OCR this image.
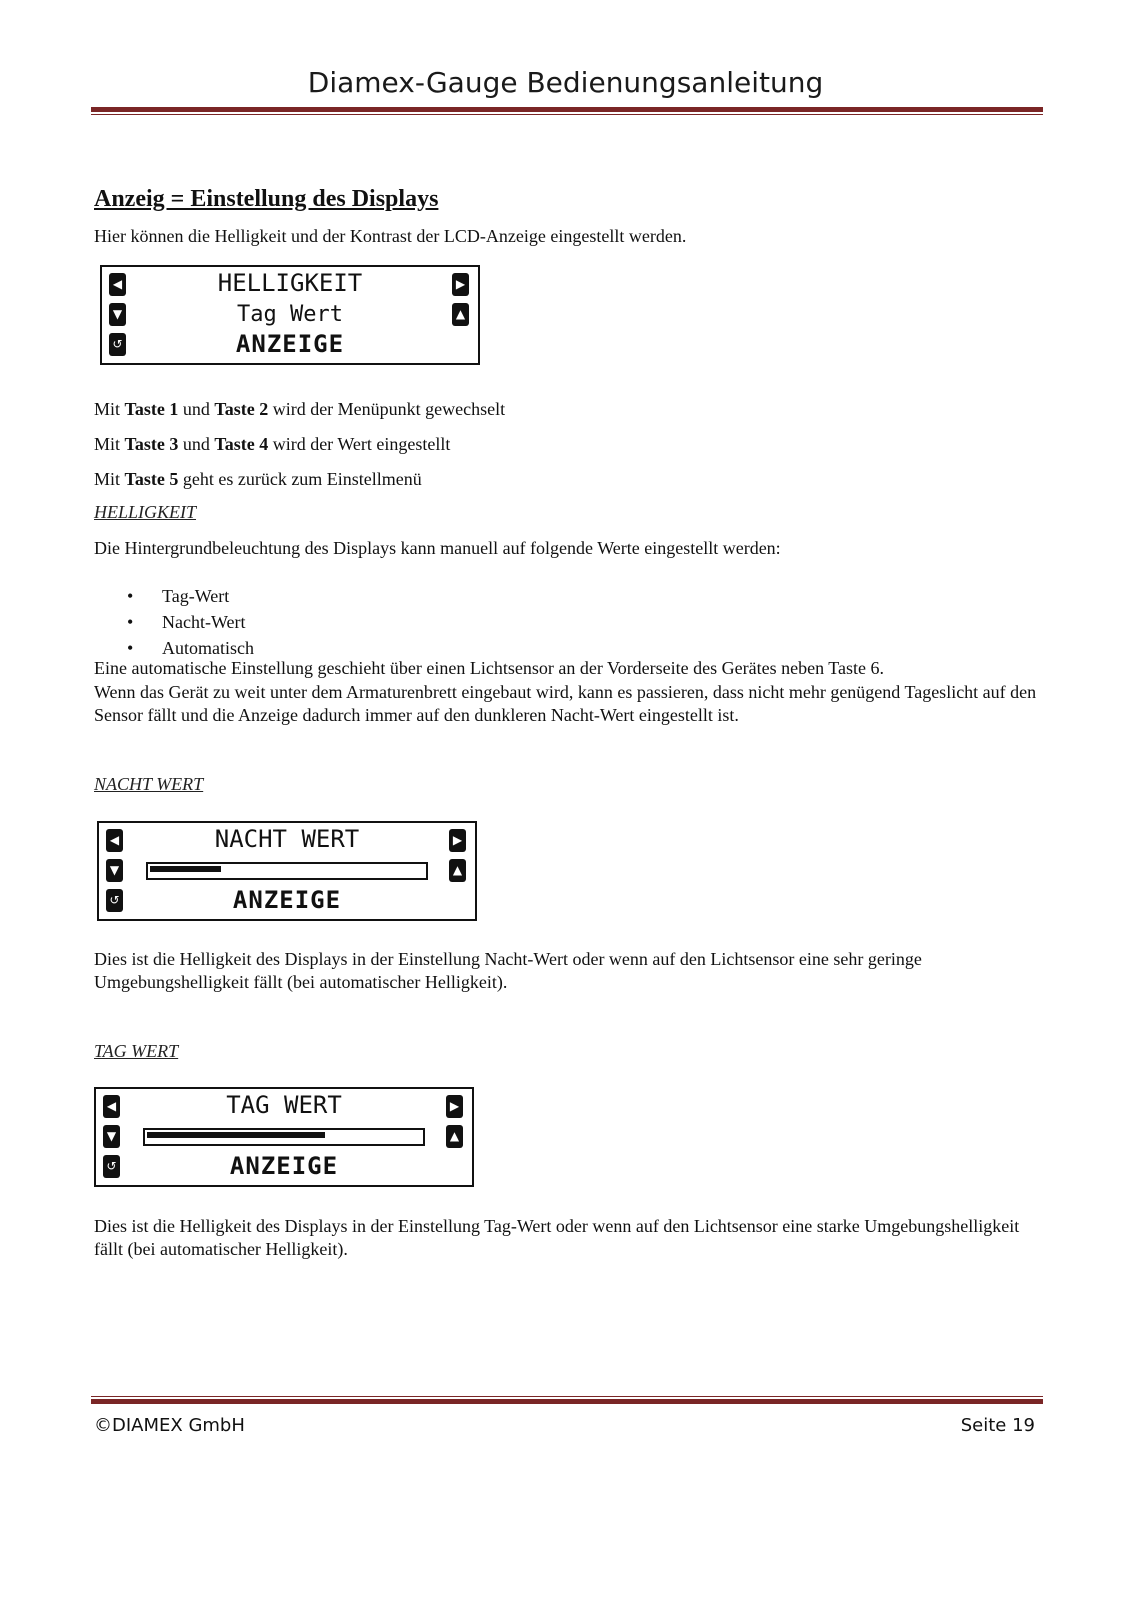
Diamex-Gauge Bedienungsanleitung
Anzeig = Einstellung des Displays
Hier können die Helligkeit und der Kontrast der LCD-Anzeige eingestellt werden.
◀
▼
↺
▶
▲
HELLIGKEIT
Tag Wert
ANZEIGE
Mit Taste 1 und Taste 2 wird der Menüpunkt gewechselt
Mit Taste 3 und Taste 4 wird der Wert eingestellt
Mit Taste 5 geht es zurück zum Einstellmenü
HELLIGKEIT
Die Hintergrundbeleuchtung des Displays kann manuell auf folgende Werte eingestellt werden:
• Tag-Wert
• Nacht-Wert
• Automatisch
Eine automatische Einstellung geschieht über einen Lichtsensor an der Vorderseite des Gerätes neben Taste 6.
Wenn das Gerät zu weit unter dem Armaturenbrett eingebaut wird, kann es passieren, dass nicht mehr genügend Tageslicht auf den Sensor fällt und die Anzeige dadurch immer auf den dunkleren Nacht-Wert eingestellt ist.
NACHT WERT
◀
▼
↺
▶
▲
NACHT WERT
ANZEIGE
Dies ist die Helligkeit des Displays in der Einstellung Nacht-Wert oder wenn auf den Lichtsensor eine sehr geringe Umgebungshelligkeit fällt (bei automatischer Helligkeit).
TAG WERT
◀
▼
↺
▶
▲
TAG WERT
ANZEIGE
Dies ist die Helligkeit des Displays in der Einstellung Tag-Wert oder wenn auf den Lichtsensor eine starke Umgebungshelligkeit fällt (bei automatischer Helligkeit).
©DIAMEX GmbH	Seite 19
